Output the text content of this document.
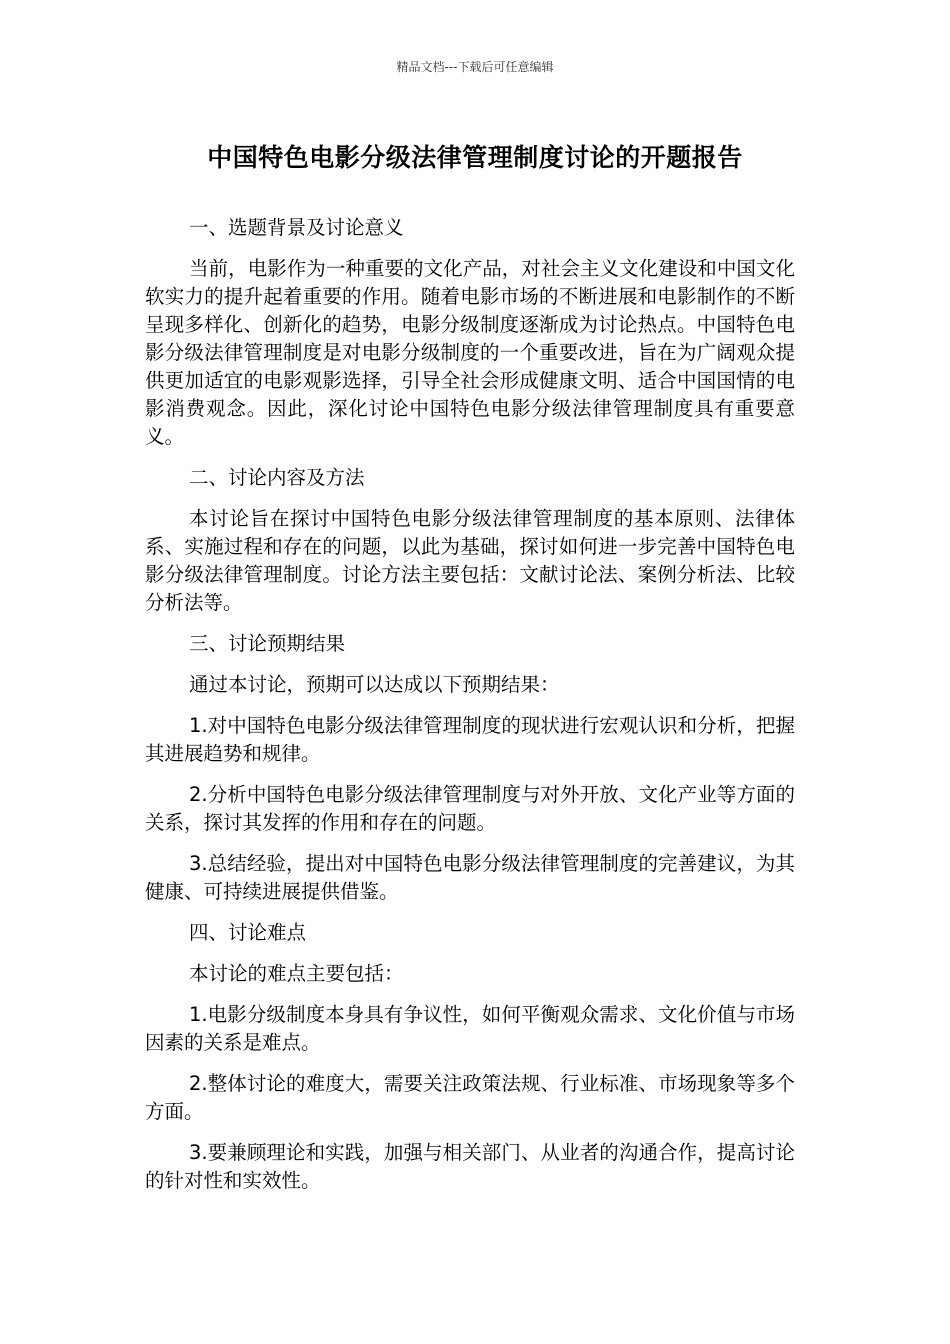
精品文档---下载后可任意编辑
中国特色电影分级法律管理制度讨论的开题报告

一、选题背景及讨论意义

当前，电影作为一种重要的文化产品，对社会主义文化建设和中国文化软实力的提升起着重要的作用。随着电影市场的不断进展和电影制作的不断呈现多样化、创新化的趋势，电影分级制度逐渐成为讨论热点。中国特色电影分级法律管理制度是对电影分级制度的一个重要改进，旨在为广阔观众提供更加适宜的电影观影选择，引导全社会形成健康文明、适合中国国情的电影消费观念。因此，深化讨论中国特色电影分级法律管理制度具有重要意义。

二、讨论内容及方法

本讨论旨在探讨中国特色电影分级法律管理制度的基本原则、法律体系、实施过程和存在的问题，以此为基础，探讨如何进一步完善中国特色电影分级法律管理制度。讨论方法主要包括：文献讨论法、案例分析法、比较分析法等。

三、讨论预期结果

通过本讨论，预期可以达成以下预期结果：

1.对中国特色电影分级法律管理制度的现状进行宏观认识和分析，把握其进展趋势和规律。

2.分析中国特色电影分级法律管理制度与对外开放、文化产业等方面的关系，探讨其发挥的作用和存在的问题。

3.总结经验，提出对中国特色电影分级法律管理制度的完善建议，为其健康、可持续进展提供借鉴。

四、讨论难点

本讨论的难点主要包括：

1.电影分级制度本身具有争议性，如何平衡观众需求、文化价值与市场因素的关系是难点。

2.整体讨论的难度大，需要关注政策法规、行业标准、市场现象等多个方面。

3.要兼顾理论和实践，加强与相关部门、从业者的沟通合作，提高讨论的针对性和实效性。
